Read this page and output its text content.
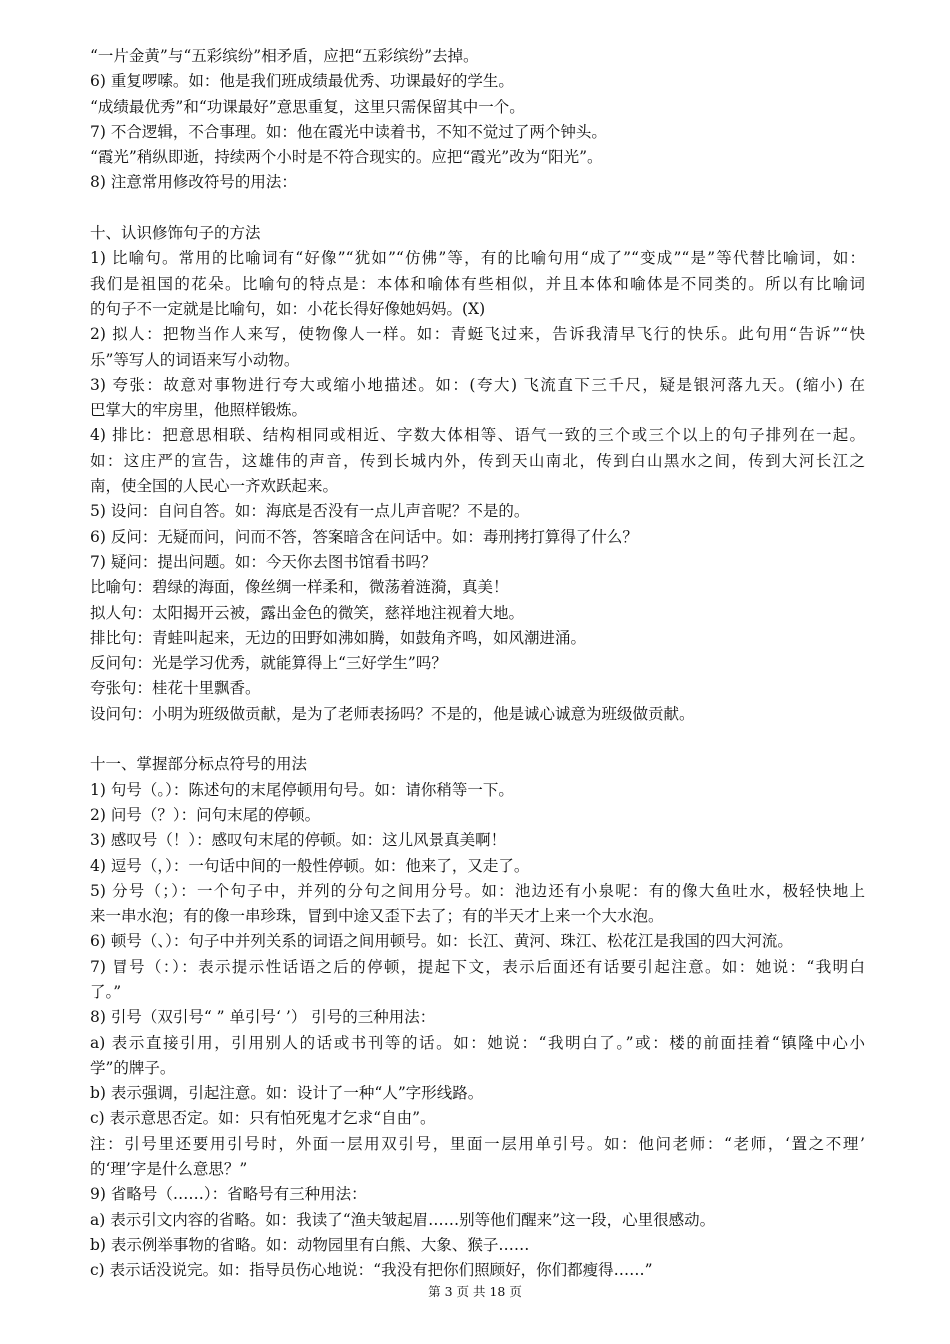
“一片金黄”与“五彩缤纷”相矛盾，应把“五彩缤纷”去掉。
6) 重复啰嗦。如：他是我们班成绩最优秀、功课最好的学生。
“成绩最优秀”和“功课最好”意思重复，这里只需保留其中一个。
7) 不合逻辑，不合事理。如：他在霞光中读着书，不知不觉过了两个钟头。
“霞光”稍纵即逝，持续两个小时是不符合现实的。应把“霞光”改为“阳光”。
8) 注意常用修改符号的用法：
十、认识修饰句子的方法
1) 比喻句。常用的比喻词有“好像”“犹如”“仿佛”等，有的比喻句用“成了”“变成”“是”等代替比喻词，如：
我们是祖国的花朵。比喻句的特点是：本体和喻体有些相似，并且本体和喻体是不同类的。所以有比喻词
的句子不一定就是比喻句，如：小花长得好像她妈妈。(X)
2) 拟人：把物当作人来写，使物像人一样。如：青蜓飞过来，告诉我清早飞行的快乐。此句用“告诉”“快
乐”等写人的词语来写小动物。
3) 夸张：故意对事物进行夸大或缩小地描述。如：(夸大) 飞流直下三千尺，疑是银河落九天。(缩小) 在
巴掌大的牢房里，他照样锻炼。
4) 排比：把意思相联、结构相同或相近、字数大体相等、语气一致的三个或三个以上的句子排列在一起。
如：这庄严的宣告，这雄伟的声音，传到长城内外，传到天山南北，传到白山黑水之间，传到大河长江之
南，使全国的人民心一齐欢跃起来。
5) 设问：自问自答。如：海底是否没有一点儿声音呢？不是的。
6) 反问：无疑而问，问而不答，答案暗含在问话中。如：毒刑拷打算得了什么？
7) 疑问：提出问题。如：今天你去图书馆看书吗？
比喻句：碧绿的海面，像丝绸一样柔和，微荡着涟漪，真美！
拟人句：太阳揭开云被，露出金色的微笑，慈祥地注视着大地。
排比句：青蛙叫起来，无边的田野如沸如腾，如鼓角齐鸣，如风潮进涌。
反问句：光是学习优秀，就能算得上“三好学生”吗？
夸张句：桂花十里飘香。
设问句：小明为班级做贡献，是为了老师表扬吗？不是的，他是诚心诚意为班级做贡献。
十一、掌握部分标点符号的用法
1) 句号（。）：陈述句的末尾停顿用句号。如：请你稍等一下。
2) 问号（？）：问句末尾的停顿。
3) 感叹号（！）：感叹句末尾的停顿。如：这儿风景真美啊！
4) 逗号（，）：一句话中间的一般性停顿。如：他来了，又走了。
5) 分号（；）：一个句子中，并列的分句之间用分号。如：池边还有小泉呢：有的像大鱼吐水，极轻快地上
来一串水泡；有的像一串珍珠，冒到中途又歪下去了；有的半天才上来一个大水泡。
6) 顿号（、）：句子中并列关系的词语之间用顿号。如：长江、黄河、珠江、松花江是我国的四大河流。
7) 冒号（：）：表示提示性话语之后的停顿，提起下文，表示后面还有话要引起注意。如：她说：“我明白
了。”
8) 引号（双引号“ ” 单引号‘ ’） 引号的三种用法：
a) 表示直接引用，引用别人的话或书刊等的话。如：她说：“我明白了。”或：楼的前面挂着“镇隆中心小
学”的牌子。
b) 表示强调，引起注意。如：设计了一种“人”字形线路。
c) 表示意思否定。如：只有怕死鬼才乞求“自由”。
注：引号里还要用引号时，外面一层用双引号，里面一层用单引号。如：他问老师：“老师，‘置之不理’
的‘理’字是什么意思？”
9) 省略号（……）：省略号有三种用法：
a) 表示引文内容的省略。如：我读了“渔夫皱起眉……别等他们醒来”这一段，心里很感动。
b) 表示例举事物的省略。如：动物园里有白熊、大象、猴子……
c) 表示话没说完。如：指导员伤心地说：“我没有把你们照顾好，你们都瘦得……”
第 3 页 共 18 页
